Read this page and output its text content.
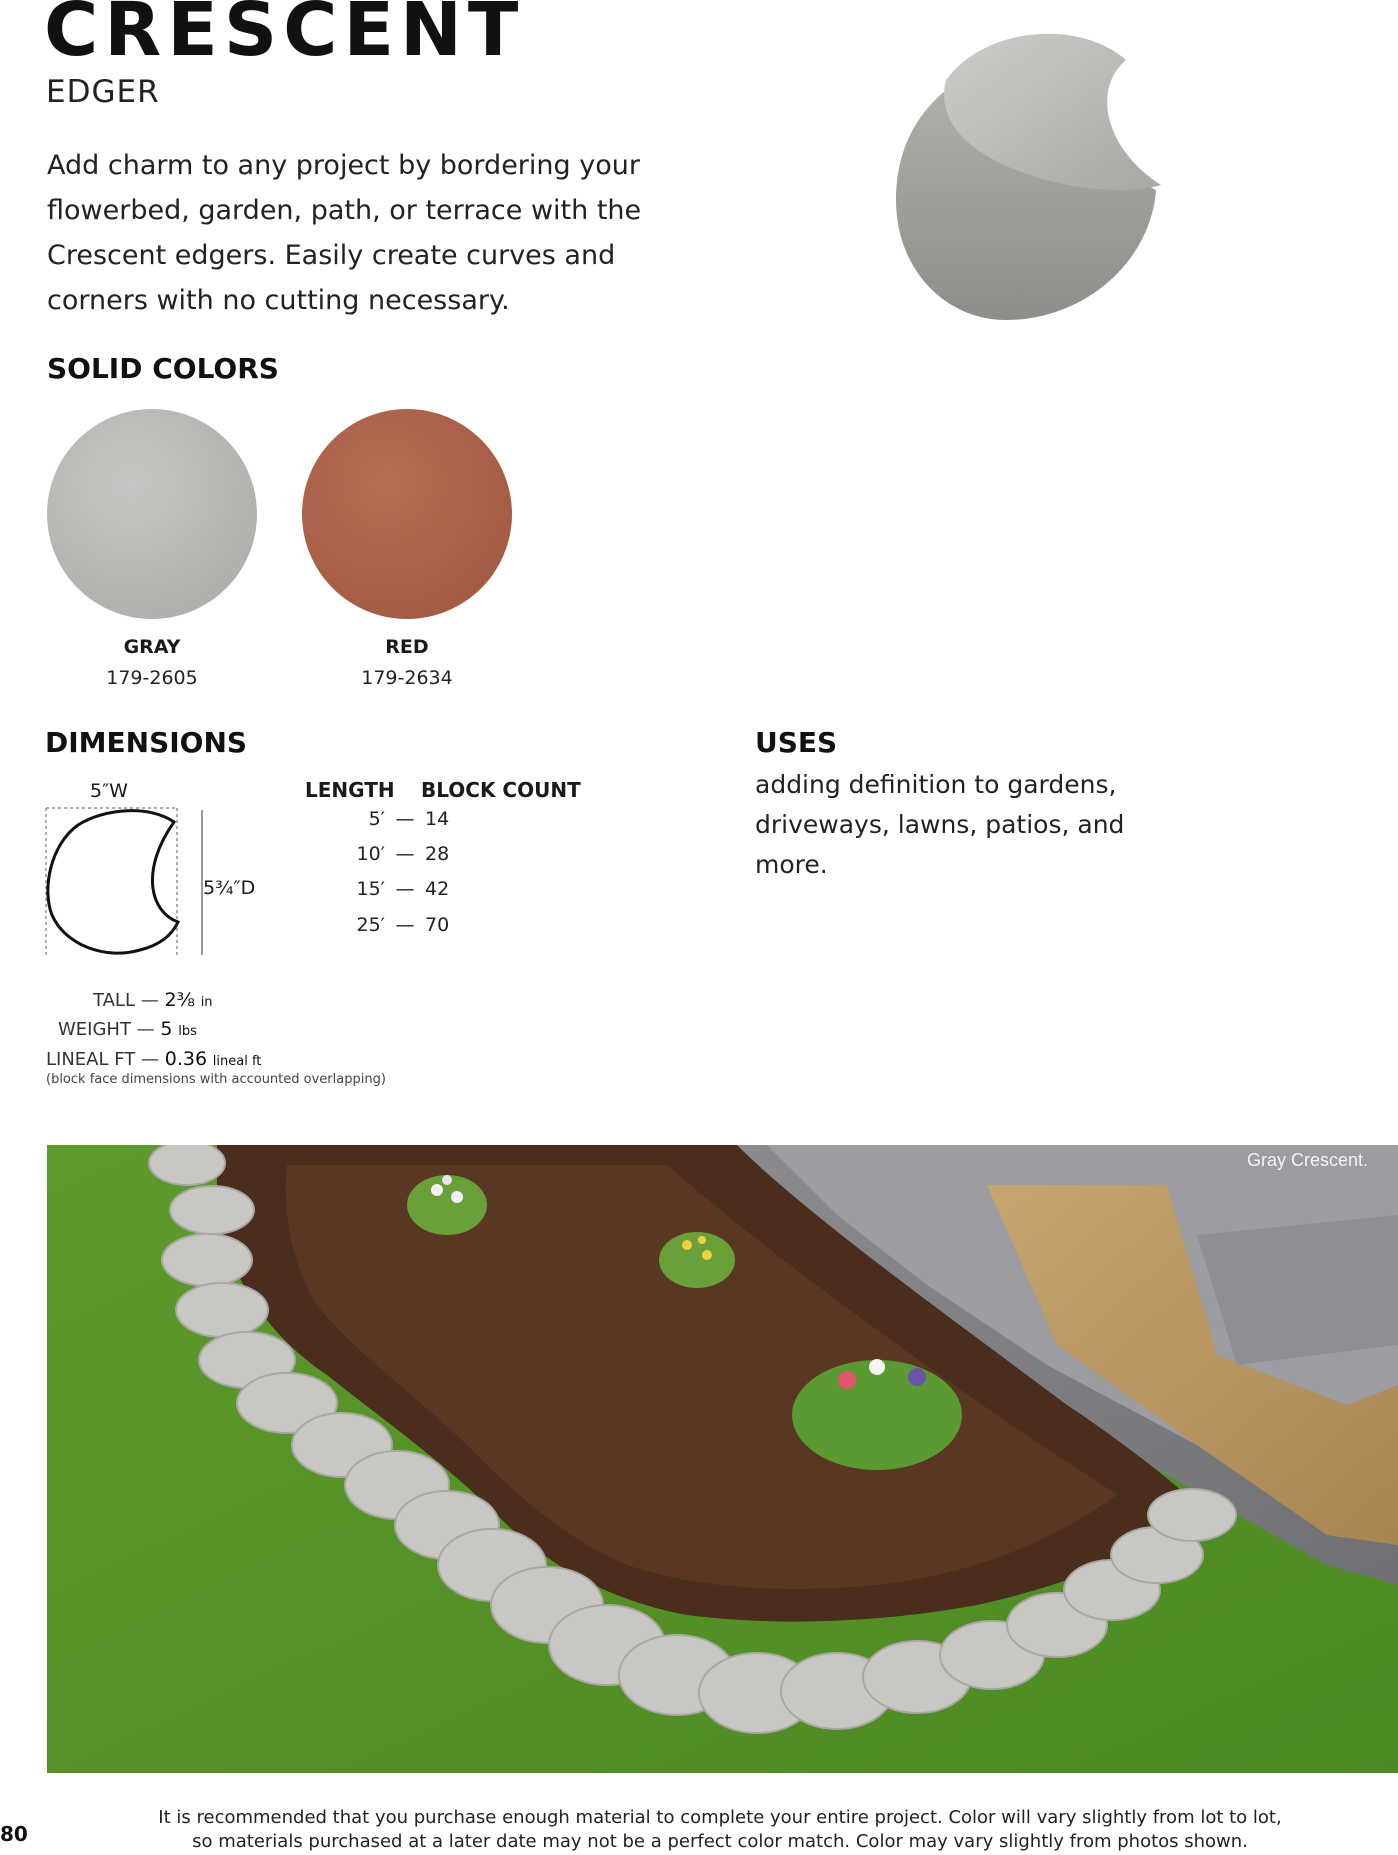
CRESCENT
EDGER
Add charm to any project by bordering your flowerbed, garden, path, or terrace with the Crescent edgers. Easily create curves and corners with no cutting necessary.
SOLID COLORS
GRAY
179-2605
RED
179-2634
DIMENSIONS
5″W
5¾″D
LENGTH BLOCK COUNT
5′ — 14
10′ — 28
15′ — 42
25′ — 70
TALL — 2⅜ in
WEIGHT — 5 lbs
LINEAL FT — 0.36 lineal ft
(block face dimensions with accounted overlapping)
USES
adding definition to gardens, driveways, lawns, patios, and more.
Gray Crescent.
80
It is recommended that you purchase enough material to complete your entire project. Color will vary slightly from lot to lot,
so materials purchased at a later date may not be a perfect color match. Color may vary slightly from photos shown.
